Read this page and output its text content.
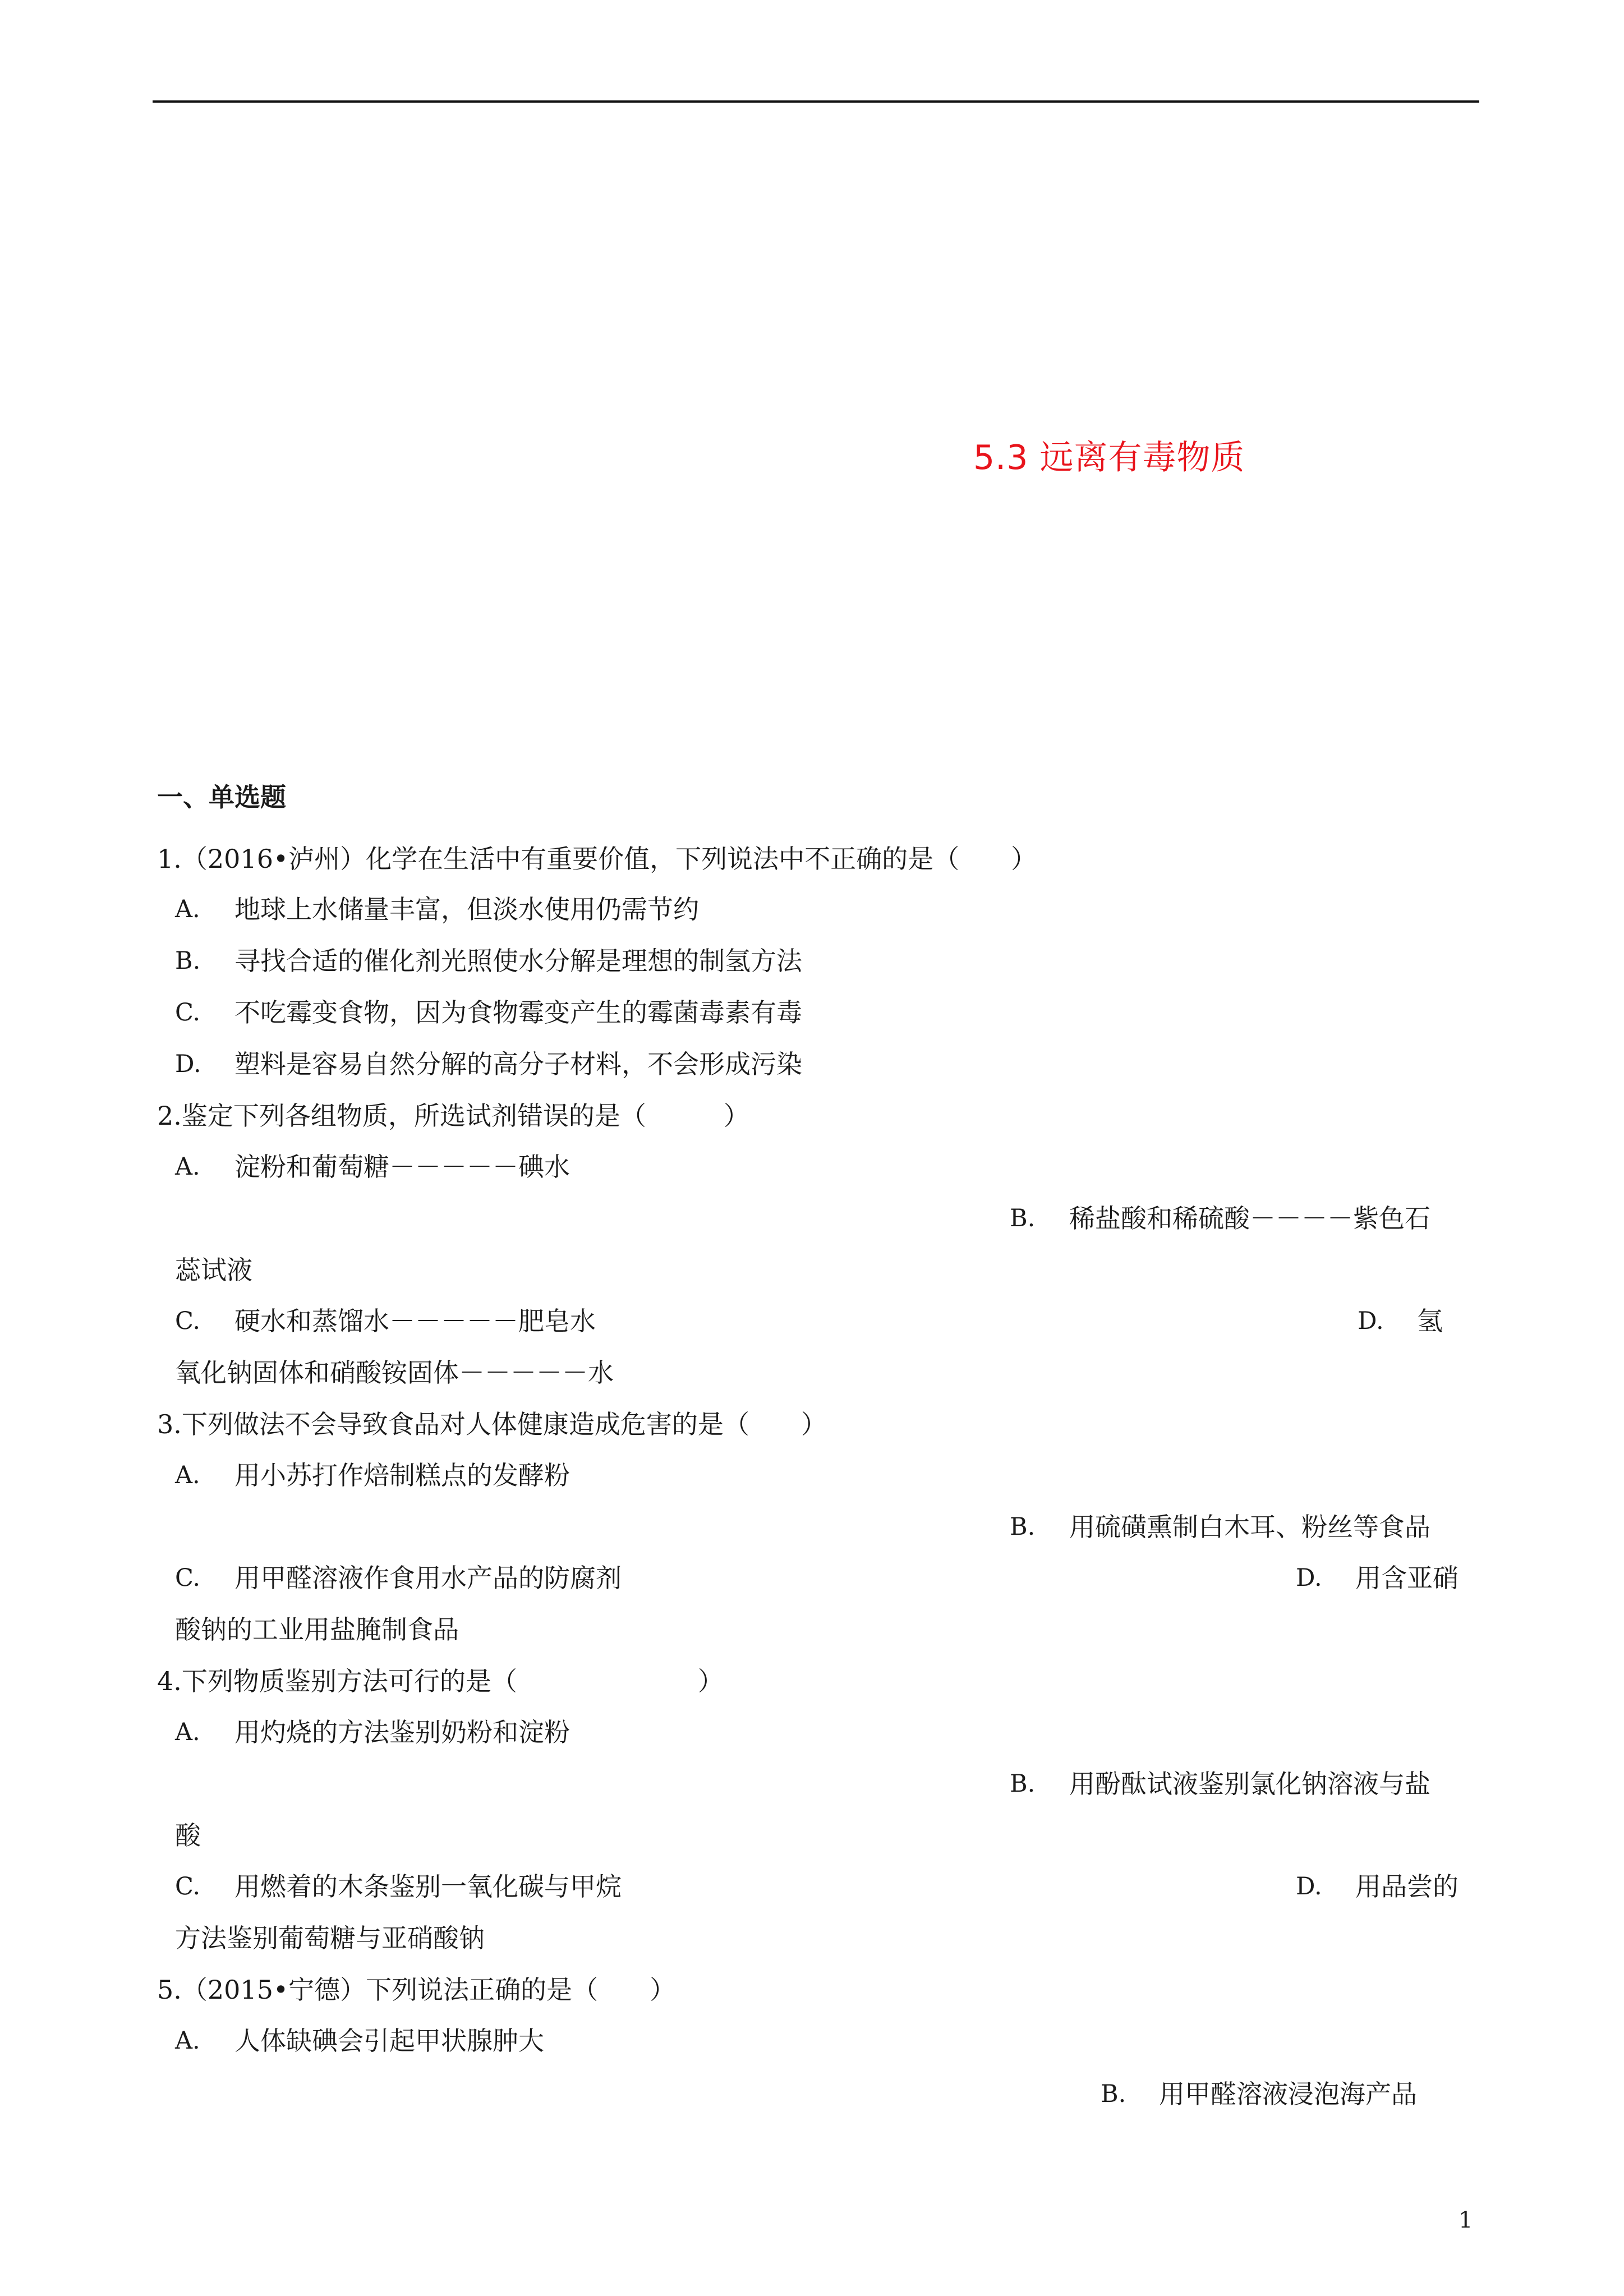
5.3 远离有毒物质
一、单选题
1.（2016•泸州）化学在生活中有重要价值，下列说法中不正确的是（　　）
A. 地球上水储量丰富，但淡水使用仍需节约
B. 寻找合适的催化剂光照使水分解是理想的制氢方法
C. 不吃霉变食物，因为食物霉变产生的霉菌毒素有毒
D. 塑料是容易自然分解的高分子材料，不会形成污染
2.鉴定下列各组物质，所选试剂错误的是（　　　）
A. 淀粉和葡萄糖－－－－－碘水
B. 稀盐酸和稀硫酸－－－－紫色石
蕊试液
C. 硬水和蒸馏水－－－－－肥皂水	D. 氢
氧化钠固体和硝酸铵固体－－－－－水
3.下列做法不会导致食品对人体健康造成危害的是（　　）
A. 用小苏打作焙制糕点的发酵粉
B. 用硫磺熏制白木耳、粉丝等食品
C. 用甲醛溶液作食用水产品的防腐剂	D. 用含亚硝
酸钠的工业用盐腌制食品
4.下列物质鉴别方法可行的是（　　　　　　　）
A. 用灼烧的方法鉴别奶粉和淀粉
B. 用酚酞试液鉴别氯化钠溶液与盐
酸
C. 用燃着的木条鉴别一氧化碳与甲烷	D. 用品尝的
方法鉴别葡萄糖与亚硝酸钠
5.（2015•宁德）下列说法正确的是（　　）
A. 人体缺碘会引起甲状腺肿大
B. 用甲醛溶液浸泡海产品
1
